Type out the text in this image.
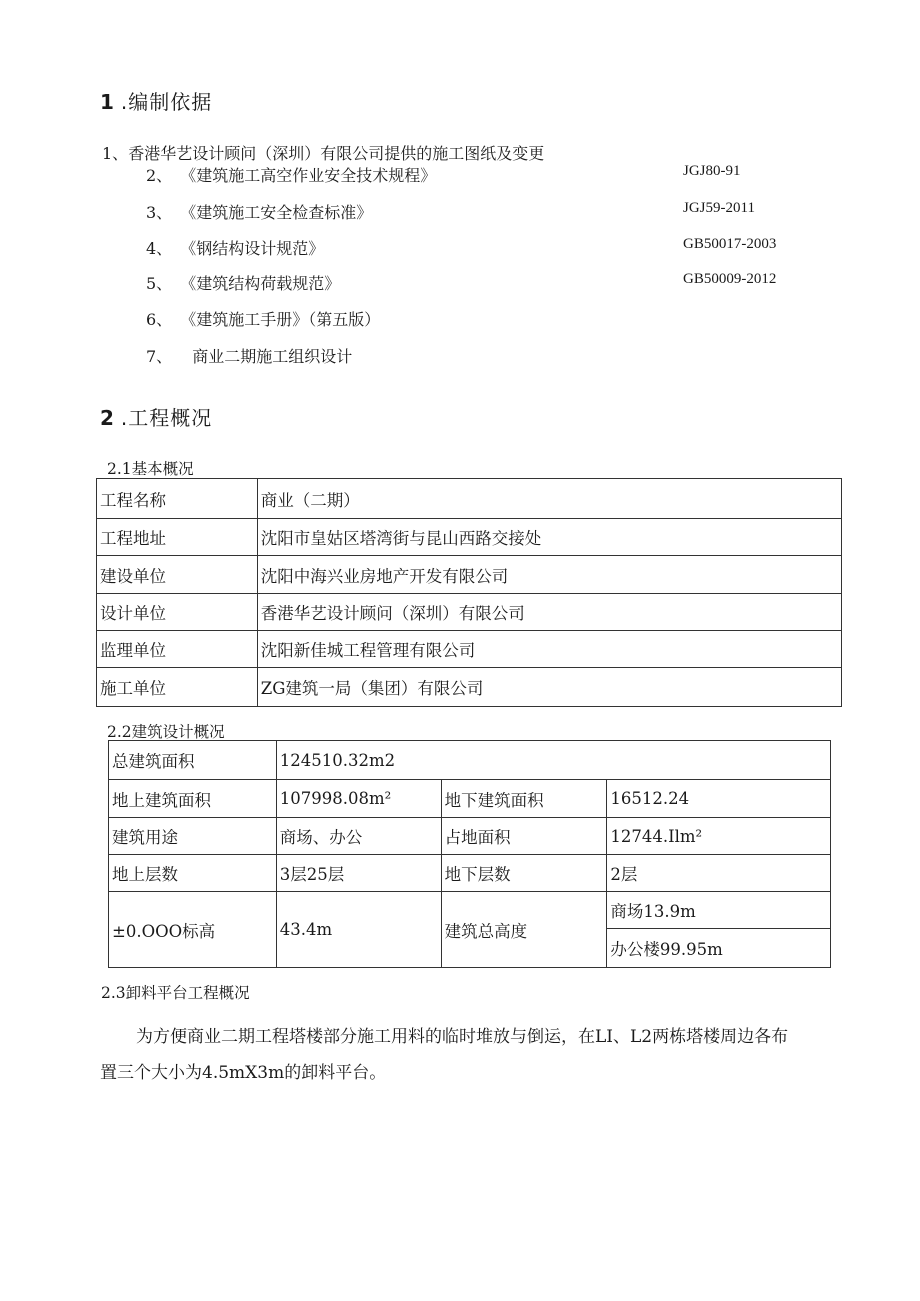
1 .编制依据
1、香港华艺设计顾问（深圳）有限公司提供的施工图纸及变更
2、 《建筑施工高空作业安全技术规程》	JGJ80-91
3、 《建筑施工安全检查标准》	JGJ59-2011
4、 《钢结构设计规范》	GB50017-2003
5、 《建筑结构荷载规范》	GB50009-2012
6、 《建筑施工手册》（第五版）
7、 商业二期施工组织设计
2 .工程概况
2.1基本概况
工程名称	商业（二期）
工程地址	沈阳市皇姑区塔湾街与昆山西路交接处
建设单位	沈阳中海兴业房地产开发有限公司
设计单位	香港华艺设计顾问（深圳）有限公司
监理单位	沈阳新佳城工程管理有限公司
施工单位	ZG建筑一局（集团）有限公司
2.2建筑设计概况
总建筑面积	124510.32m2		
地上建筑面积	107998.08m²	地下建筑面积	16512.24
建筑用途	商场、办公	占地面积	12744.Ilm²
地上层数	3层25层	地下层数	2层
±0.OOO标高	43.4m	建筑总高度	商场13.9m
			办公楼99.95m
2.3卸料平台工程概况
为方便商业二期工程塔楼部分施工用料的临时堆放与倒运，在LI、L2两栋塔楼周边各布
置三个大小为4.5mX3m的卸料平台。
